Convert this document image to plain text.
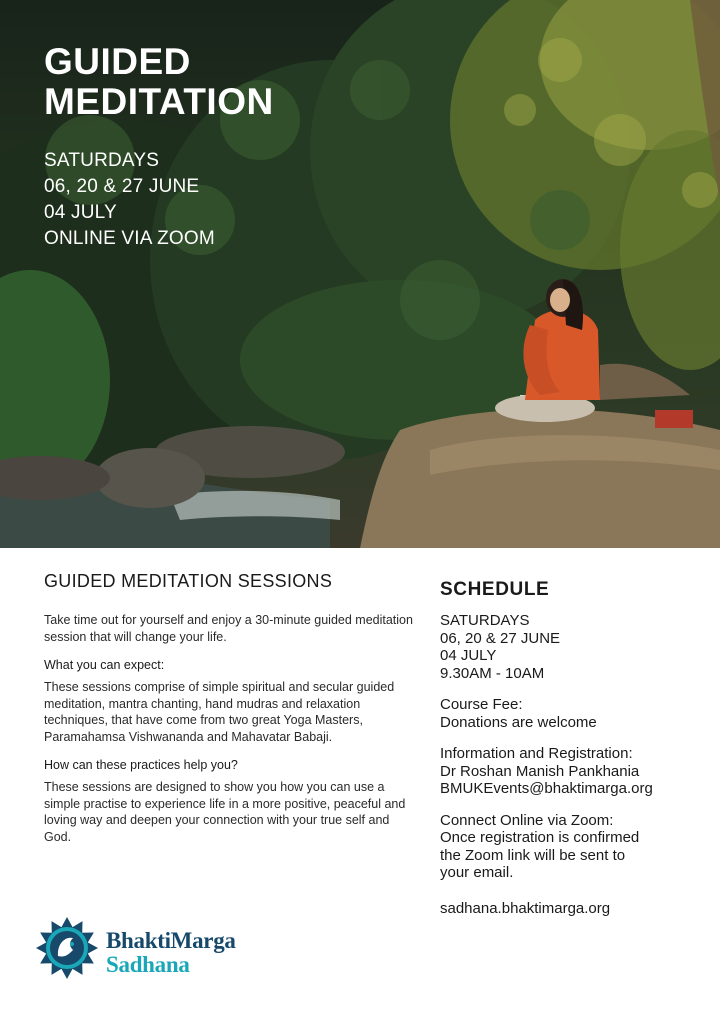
GUIDED
MEDITATION
SATURDAYS
06, 20 & 27 JUNE
04 JULY
ONLINE VIA ZOOM
GUIDED MEDITATION SESSIONS

Take time out for yourself and enjoy a 30-minute guided meditation session that will change your life.

What you can expect:

These sessions comprise of simple spiritual and secular guided meditation, mantra chanting, hand mudras and relaxation techniques, that have come from two great Yoga Masters, Paramahamsa Vishwananda and Mahavatar Babaji.

How can these practices help you?

These sessions are designed to show you how you can use a simple practise to experience life in a more positive, peaceful and loving way and deepen your connection with your true self and God.

SCHEDULE
SATURDAYS
06, 20 & 27 JUNE
04 JULY
9.30AM - 10AM
Course Fee:
Donations are welcome
Information and Registration:
Dr Roshan Manish Pankhania
BMUKEvents@bhaktimarga.org
Connect Online via Zoom:
Once registration is confirmed
the Zoom link will be sent to
your email.
sadhana.bhaktimarga.org
BhaktiMarga
Sadhana
